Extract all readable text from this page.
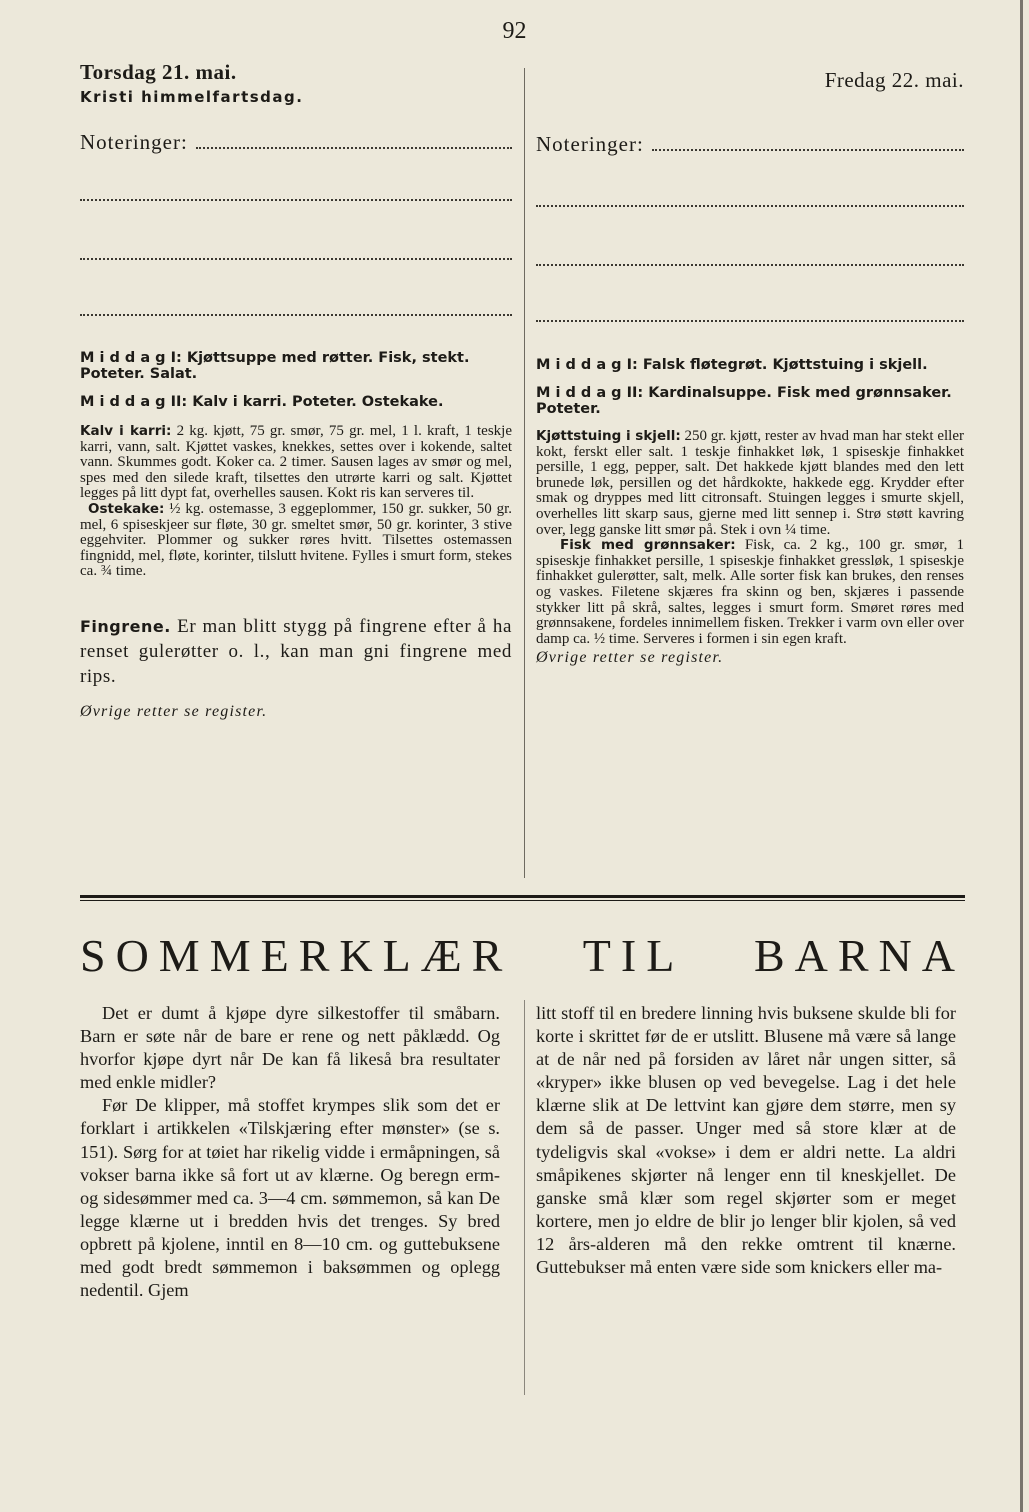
92
Torsdag 21. mai.
Kristi himmelfartsdag.
Noteringer:
M i d d a g I: Kjøttsuppe med røtter. Fisk, stekt. Poteter. Salat.
M i d d a g II: Kalv i karri. Poteter. Ostekake.
Kalv i karri: 2 kg. kjøtt, 75 gr. smør, 75 gr. mel, 1 l. kraft, 1 teskje karri, vann, salt. Kjøttet vaskes, knekkes, settes over i kokende, saltet vann. Skummes godt. Koker ca. 2 timer. Sausen lages av smør og mel, spes med den silede kraft, tilsettes den utrørte karri og salt. Kjøttet legges på litt dypt fat, overhelles sausen. Kokt ris kan serveres til.
Ostekake: ½ kg. ostemasse, 3 eggeplommer, 150 gr. sukker, 50 gr. mel, 6 spiseskjeer sur fløte, 30 gr. smeltet smør, 50 gr. korinter, 3 stive eggehviter. Plommer og sukker røres hvitt. Tilsettes ostemassen fingnidd, mel, fløte, korinter, tilslutt hvitene. Fylles i smurt form, stekes ca. ¾ time.
Fingrene. Er man blitt stygg på fingrene efter å ha renset gulerøtter o. l., kan man gni fingrene med rips.
Øvrige retter se register.
Fredag 22. mai.
Noteringer:
M i d d a g I: Falsk fløtegrøt. Kjøttstuing i skjell.
M i d d a g II: Kardinalsuppe. Fisk med grønnsaker. Poteter.
Kjøttstuing i skjell: 250 gr. kjøtt, rester av hvad man har stekt eller kokt, ferskt eller salt. 1 teskje finhakket løk, 1 spiseskje finhakket persille, 1 egg, pepper, salt. Det hakkede kjøtt blandes med den lett brunede løk, persillen og det hårdkokte, hakkede egg. Krydder efter smak og dryppes med litt citronsaft. Stuingen legges i smurte skjell, overhelles litt skarp saus, gjerne med litt sennep i. Strø støtt kavring over, legg ganske litt smør på. Stek i ovn ¼ time.
Fisk med grønnsaker: Fisk, ca. 2 kg., 100 gr. smør, 1 spiseskje finhakket persille, 1 spiseskje finhakket gressløk, 1 spiseskje finhakket gulerøtter, salt, melk. Alle sorter fisk kan brukes, den renses og vaskes. Filetene skjæres fra skinn og ben, skjæres i passende stykker litt på skrå, saltes, legges i smurt form. Smøret røres med grønnsakene, fordeles innimellem fisken. Trekker i varm ovn eller over damp ca. ½ time. Serveres i formen i sin egen kraft.
Øvrige retter se register.
SOMMERKLÆR TIL BARNA

Det er dumt å kjøpe dyre silkestoffer til småbarn. Barn er søte når de bare er rene og nett påklædd. Og hvorfor kjøpe dyrt når De kan få likeså bra resultater med enkle midler?

Før De klipper, må stoffet krympes slik som det er forklart i artikkelen «Tilskjæring efter mønster» (se s. 151). Sørg for at tøiet har rikelig vidde i ermåpningen, så vokser barna ikke så fort ut av klærne. Og beregn erm- og sidesømmer med ca. 3—4 cm. sømmemon, så kan De legge klærne ut i bredden hvis det trenges. Sy bred opbrett på kjolene, inntil en 8—10 cm. og guttebuksene med godt bredt sømmemon i baksømmen og oplegg nedentil. Gjem

litt stoff til en bredere linning hvis buksene skulde bli for korte i skrittet før de er utslitt. Blusene må være så lange at de når ned på forsiden av låret når ungen sitter, så «kryper» ikke blusen op ved bevegelse. Lag i det hele klærne slik at De lettvint kan gjøre dem større, men sy dem så de passer. Unger med så store klær at de tydeligvis skal «vokse» i dem er aldri nette. La aldri småpikenes skjørter nå lenger enn til kneskjellet. De ganske små klær som regel skjørter som er meget kortere, men jo eldre de blir jo lenger blir kjolen, så ved 12 års-alderen må den rekke omtrent til knærne. Guttebukser må enten være side som knickers eller ma-
